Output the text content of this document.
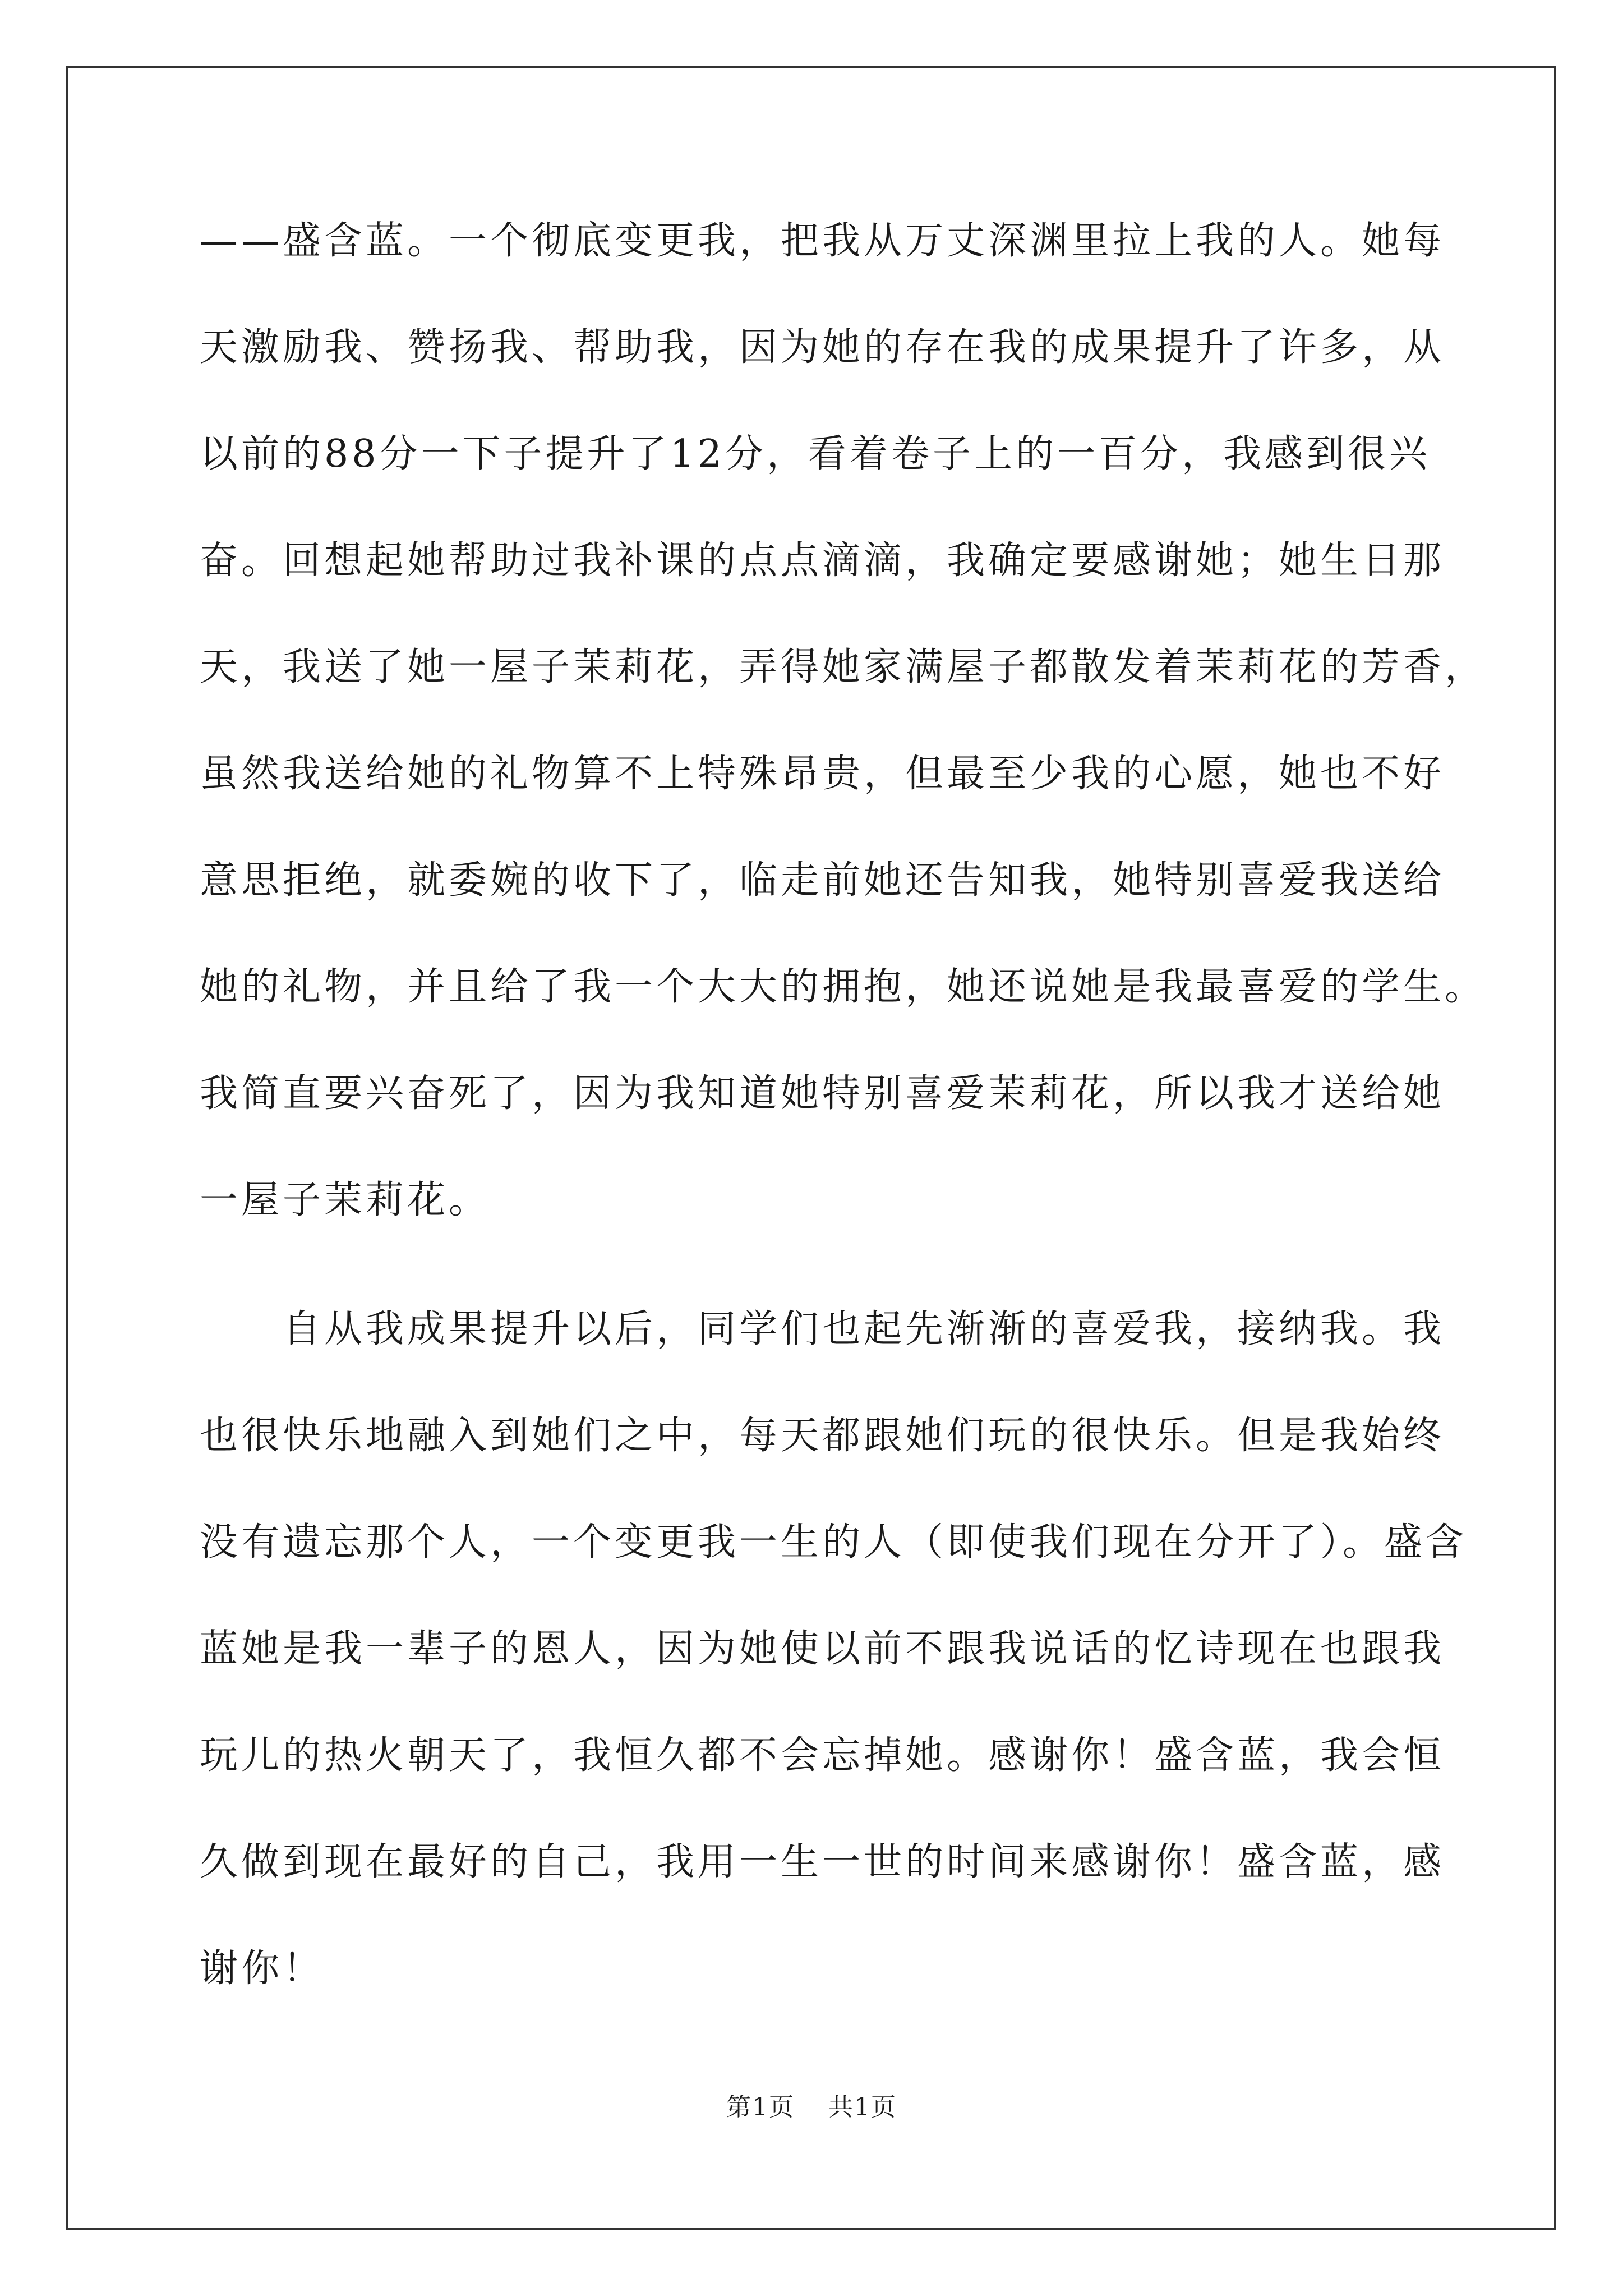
——盛含蓝。一个彻底变更我，把我从万丈深渊里拉上我的人。她每
天激励我、赞扬我、帮助我，因为她的存在我的成果提升了许多，从
以前的88分一下子提升了12分，看着卷子上的一百分，我感到很兴
奋。回想起她帮助过我补课的点点滴滴，我确定要感谢她；她生日那
天，我送了她一屋子茉莉花，弄得她家满屋子都散发着茉莉花的芳香，
虽然我送给她的礼物算不上特殊昂贵，但最至少我的心愿，她也不好
意思拒绝，就委婉的收下了，临走前她还告知我，她特别喜爱我送给
她的礼物，并且给了我一个大大的拥抱，她还说她是我最喜爱的学生。
我简直要兴奋死了，因为我知道她特别喜爱茉莉花，所以我才送给她
一屋子茉莉花。
自从我成果提升以后，同学们也起先渐渐的喜爱我，接纳我。我
也很快乐地融入到她们之中，每天都跟她们玩的很快乐。但是我始终
没有遗忘那个人，一个变更我一生的人（即使我们现在分开了）。盛含
蓝她是我一辈子的恩人，因为她使以前不跟我说话的忆诗现在也跟我
玩儿的热火朝天了，我恒久都不会忘掉她。感谢你！盛含蓝，我会恒
久做到现在最好的自己，我用一生一世的时间来感谢你！盛含蓝，感
谢你！
第1页 共1页
